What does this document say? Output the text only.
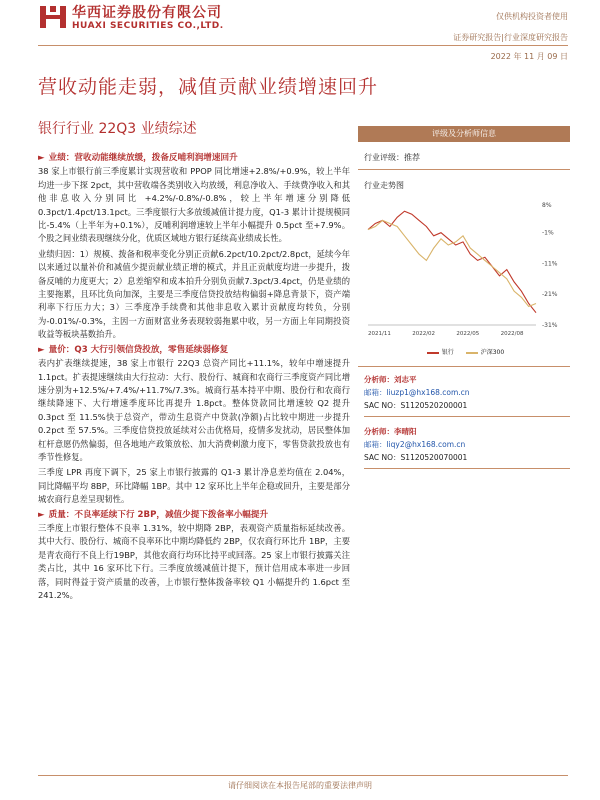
华西证券股份有限公司
HUAXI SECURITIES CO.,LTD.
仅供机构投资者使用
证券研究报告|行业深度研究报告
2022 年 11 月 09 日
营收动能走弱，减值贡献业绩增速回升
银行行业 22Q3 业绩综述
► 业绩：营收动能继续放缓，拨备反哺利润增速回升

38 家上市银行前三季度累计实现营收和 PPOP 同比增速+2.8%/+0.9%，较上半年均进一步下探 2pct，其中营收端各类别收入均放缓，利息净收入、手续费净收入和其他非息收入分别同比 +4.2%/-0.8%/-0.8%，较上半年增速分别降低0.3pct/1.4pct/13.1pct。三季度银行大多放缓减值计提力度，Q1-3 累计计提规模同比-5.4%（上半年为+0.1%），反哺利润增速较上半年小幅提升 0.5pct 至+7.9%。个股之间业绩表现继续分化，优质区域地方银行延续高业绩成长性。

业绩归因：1）规模、拨备和税率变化分别正贡献6.2pct/10.2pct/2.8pct，延续今年以来通过以量补价和减值少提贡献业绩正增的模式，并且正贡献度均进一步提升，拨备反哺的力度更大；2）息差缩窄和成本拍升分别负贡献7.3pct/3.4pct，仍是业绩的主要拖累，且环比负向加深，主要是三季度信贷投放结构偏弱+降息背景下，资产端利率下行压力大；3）三季度净手续费和其他非息收入累计贡献度均转负，分别为-0.01%/-0.3%，主因一方面财富业务表现较弱拖累中收，另一方面上年同期投资收益等板块基数抬升。

► 量价：Q3 大行引领信贷投放，零售延续弱修复

表内扩表继续提速，38 家上市银行 22Q3 总资产同比+11.1%，较年中增速提升 1.1pct。扩表提速继续由大行拉动：大行、股份行、城商和农商行三季度资产同比增速分别为+12.5%/+7.4%/+11.7%/7.3%。城商行基本持平中期、股份行和农商行继续降速下、大行增速季度环比再提升 1.8pct。整体贷款同比增速较 Q2 提升 0.3pct 至 11.5%快于总资产，带动生息资产中贷款(净额)占比较中期进一步提升 0.2pct 至 57.5%。三季度信贷投放延续对公击优格局，疫情多发扰动，居民整体加杠杆意愿仍然偏弱，但各地地产政策放松、加大消费刺激力度下，零售贷款投放也有季节性修复。

三季度 LPR 再度下调下，25 家上市银行披露的 Q1-3 累计净息差均值在 2.04%，同比降幅平均 8BP，环比降幅 1BP。其中 12 家环比上半年企稳或回升，主要是部分城农商行息差呈现韧性。

► 质量：不良率延续下行 2BP，减值少提下拨备率小幅提升

三季度上市银行整体不良率 1.31%，较中期降 2BP，表观资产质量指标延续改善。其中大行、股份行、城商不良率环比中期均降低约 2BP，仅农商行环比升 1BP，主要是青农商行不良上行19BP，其他农商行均环比持平或回落。25 家上市银行披露关注类占比，其中 16 家环比下行。三季度放缓减值计提下，预计信用成本率进一步回落，同时得益于资产质量的改善，上市银行整体拨备率较 Q1 小幅提升约 1.6pct 至 241.2%。

评级及分析师信息
行业评级：推荐
行业走势图
8%
-1%
-11%
-21%
-31%
2021/11	2022/02	2022/05	2022/08
银行	沪深300
分析师：刘志平
邮箱：liuzp1@hx168.com.cn
SAC NO：S1120520200001
分析师：李晴阳
邮箱：liqy2@hx168.com.cn
SAC NO：S1120520070001
请仔细阅读在本报告尾部的重要法律声明
